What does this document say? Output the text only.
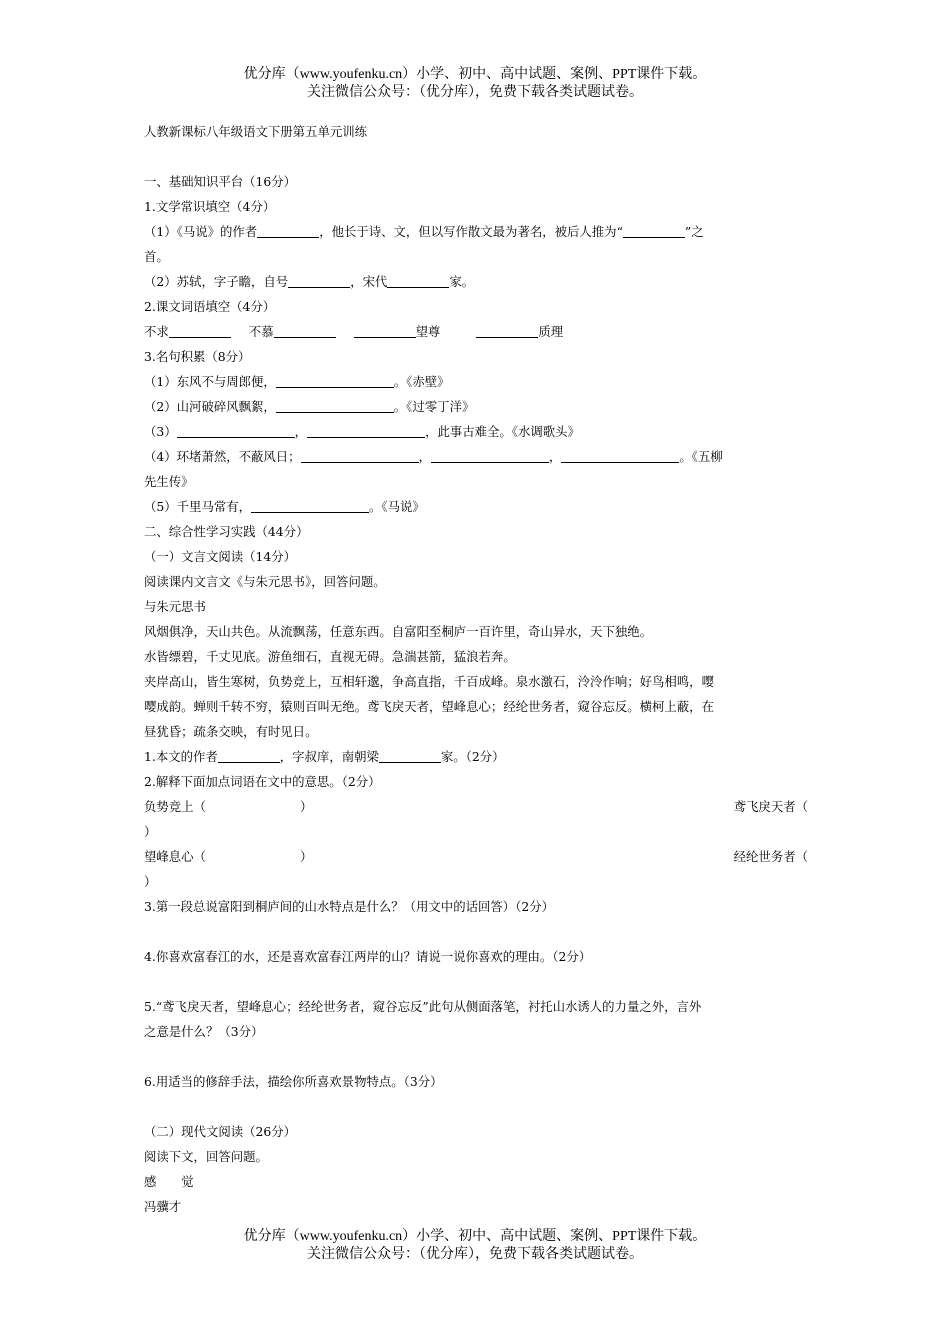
优分库（www.youfenku.cn）小学、初中、高中试题、案例、PPT课件下载。
关注微信公众号：（优分库），免费下载各类试题试卷。

人教新课标八年级语文下册第五单元训练

一、基础知识平台（16分）

1.文学常识填空（4分）

（1）《马说》的作者	，他长于诗、文，但以写作散文最为著名，被后人推为“	”之

首。

（2）苏轼，字子瞻，自号	，宋代	家。

2.课文词语填空（4分）

不求	不慕	望尊	质理

3.名句积累（8分）

（1）东风不与周郎便，	。《赤壁》

（2）山河破碎风飘絮，	。《过零丁洋》

（3）	，	，此事古难全。《水调歌头》

（4）环堵萧然，不蔽风日；	，	，	。《五柳

先生传》

（5）千里马常有，	。《马说》

二、综合性学习实践（44分）

（一）文言文阅读（14分）

阅读课内文言文《与朱元思书》，回答问题。

与朱元思书

风烟俱净，天山共色。从流飘荡，任意东西。自富阳至桐庐一百许里，奇山异水，天下独绝。

水皆缥碧，千丈见底。游鱼细石，直视无碍。急湍甚箭，猛浪若奔。

夹岸高山，皆生寒树，负势竞上，互相轩邈，争高直指，千百成峰。泉水激石，泠泠作响；好鸟相鸣，嘤

嘤成韵。蝉则千转不穷，猿则百叫无绝。鸢飞戾天者，望峰息心；经纶世务者，窥谷忘反。横柯上蔽，在

昼犹昏；疏条交映，有时见日。

1.本文的作者	，字叔庠，南朝梁	家。（2分）

2.解释下面加点词语在文中的意思。（2分）

负势竞上（	）	鸢飞戾天者（

）

望峰息心（	）	经纶世务者（

）

3.第一段总说富阳到桐庐间的山水特点是什么？（用文中的话回答）（2分）

4.你喜欢富春江的水，还是喜欢富春江两岸的山？请说一说你喜欢的理由。（2分）

5.“鸢飞戾天者，望峰息心；经纶世务者，窥谷忘反”此句从侧面落笔，衬托山水诱人的力量之外，言外

之意是什么？（3分）

6.用适当的修辞手法，描绘你所喜欢景物特点。（3分）

（二）现代文阅读（26分）

阅读下文，回答问题。

感　　觉

冯骥才

优分库（www.youfenku.cn）小学、初中、高中试题、案例、PPT课件下载。
关注微信公众号：（优分库），免费下载各类试题试卷。
